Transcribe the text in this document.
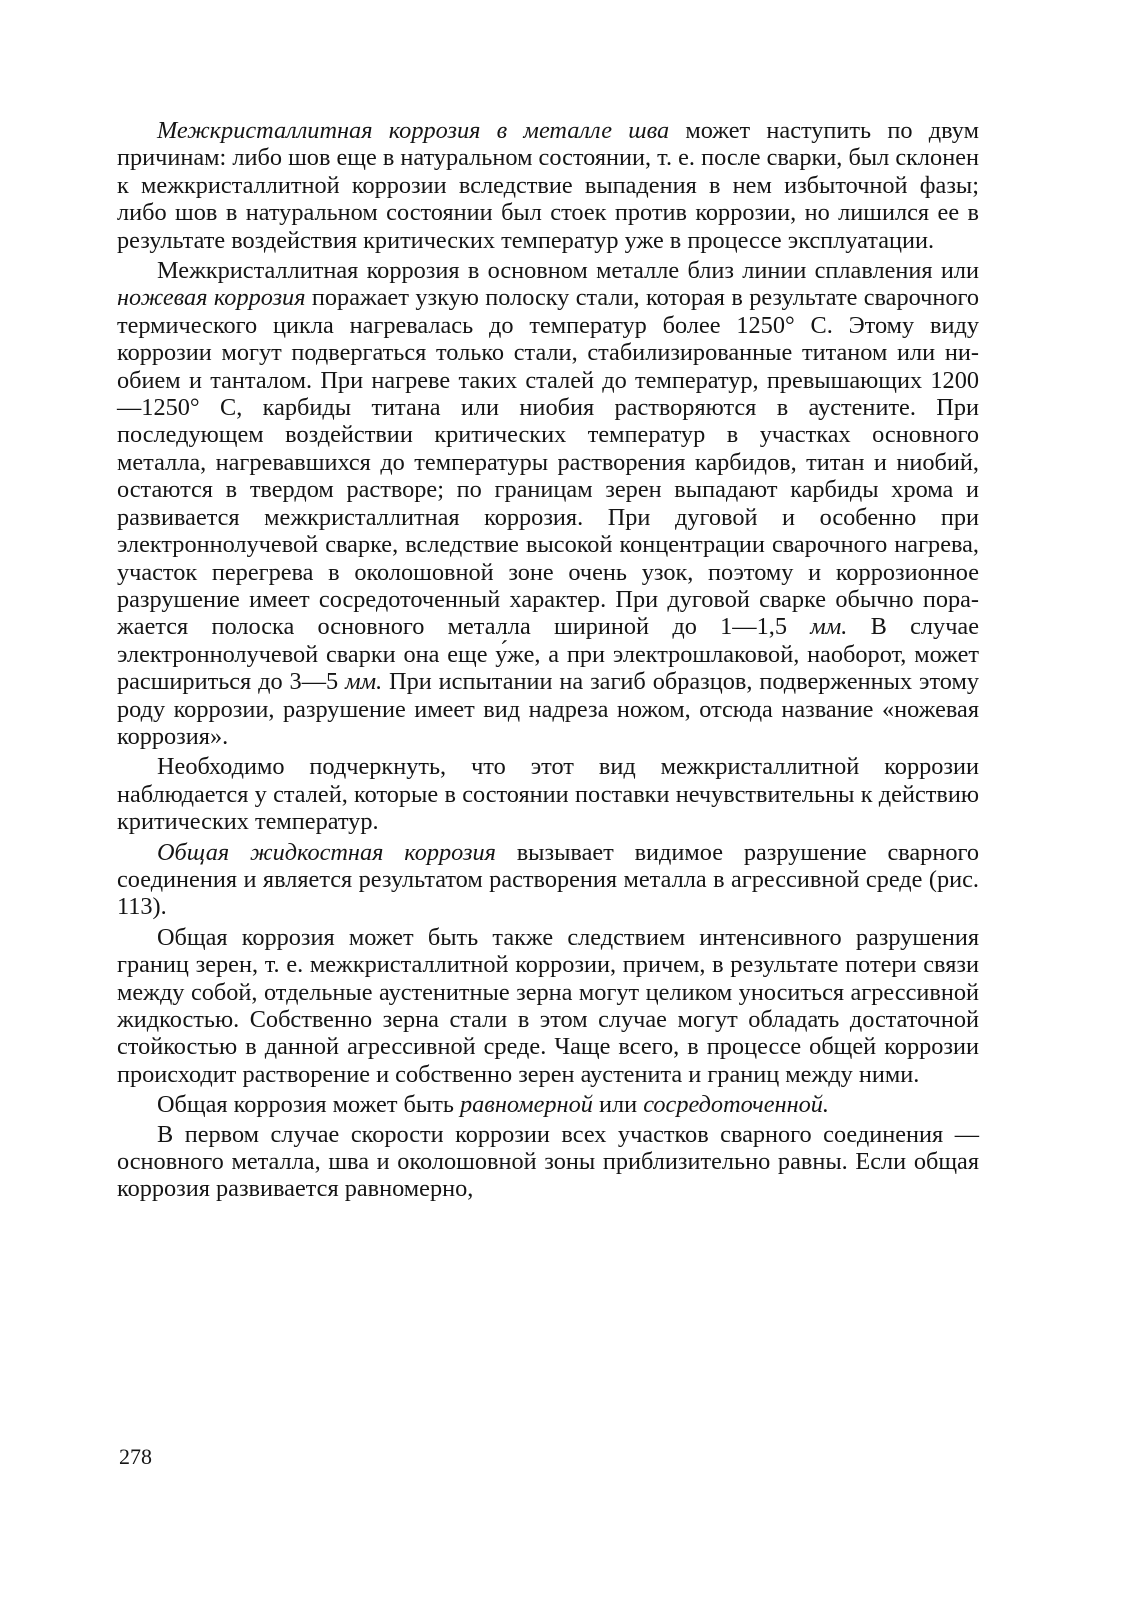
Межкристаллитная коррозия в металле шва может наступить по двум причинам: либо шов еще в натуральном состоянии, т. е. после сварки, был склонен к межкристаллитной коррозии вследствие выпадения в нем избыточной фазы; либо шов в натуральном состоянии был стоек против коррозии, но лишился ее в результате воздействия критических температур уже в процессе эксплуатации.

Межкристаллитная коррозия в основном металле близ линии сплавления или ножевая коррозия поражает узкую полоску стали, которая в результате сварочного термического цикла нагревалась до температур более 1250° С. Этому виду коррозии могут подвергаться только стали, стабилизированные титаном или ниобием и танталом. При нагреве таких сталей до температур, превышающих 1200—1250° С, карбиды титана или ниобия растворяются в аустените. При последующем воздействии критических температур в участках основного металла, нагревавшихся до температуры растворения карбидов, титан и ниобий, остаются в твердом растворе; по границам зерен выпадают карбиды хрома и развивается межкристаллитная коррозия. При дуговой и особенно при электроннолучевой сварке, вследствие высокой концентрации сварочного нагрева, участок перегрева в околошовной зоне очень узок, поэтому и коррозионное разрушение имеет сосредоточенный характер. При дуговой сварке обычно поражается полоска основного металла шириной до 1—1,5 мм. В случае электроннолучевой сварки она еще у́же, а при электрошлаковой, наоборот, может расшириться до 3—5 мм. При испытании на загиб образцов, подверженных этому роду коррозии, разрушение имеет вид надреза ножом, отсюда название «ножевая коррозия».

Необходимо подчеркнуть, что этот вид межкристаллитной коррозии наблюдается у сталей, которые в состоянии поставки нечувствительны к действию критических температур.

Общая жидкостная коррозия вызывает видимое разрушение сварного соединения и является результатом растворения металла в агрессивной среде (рис. 113).

Общая коррозия может быть также следствием интенсивного разрушения границ зерен, т. е. межкристаллитной коррозии, причем, в результате потери связи между собой, отдельные аустенитные зерна могут целиком уноситься агрессивной жидкостью. Собственно зерна стали в этом случае могут обладать достаточной стойкостью в данной агрессивной среде. Чаще всего, в процессе общей коррозии происходит растворение и собственно зерен аустенита и границ между ними.

Общая коррозия может быть равномерной или сосредоточенной.

В первом случае скорости коррозии всех участков сварного соединения — основного металла, шва и околошовной зоны приблизительно равны. Если общая коррозия развивается равномерно,

278
